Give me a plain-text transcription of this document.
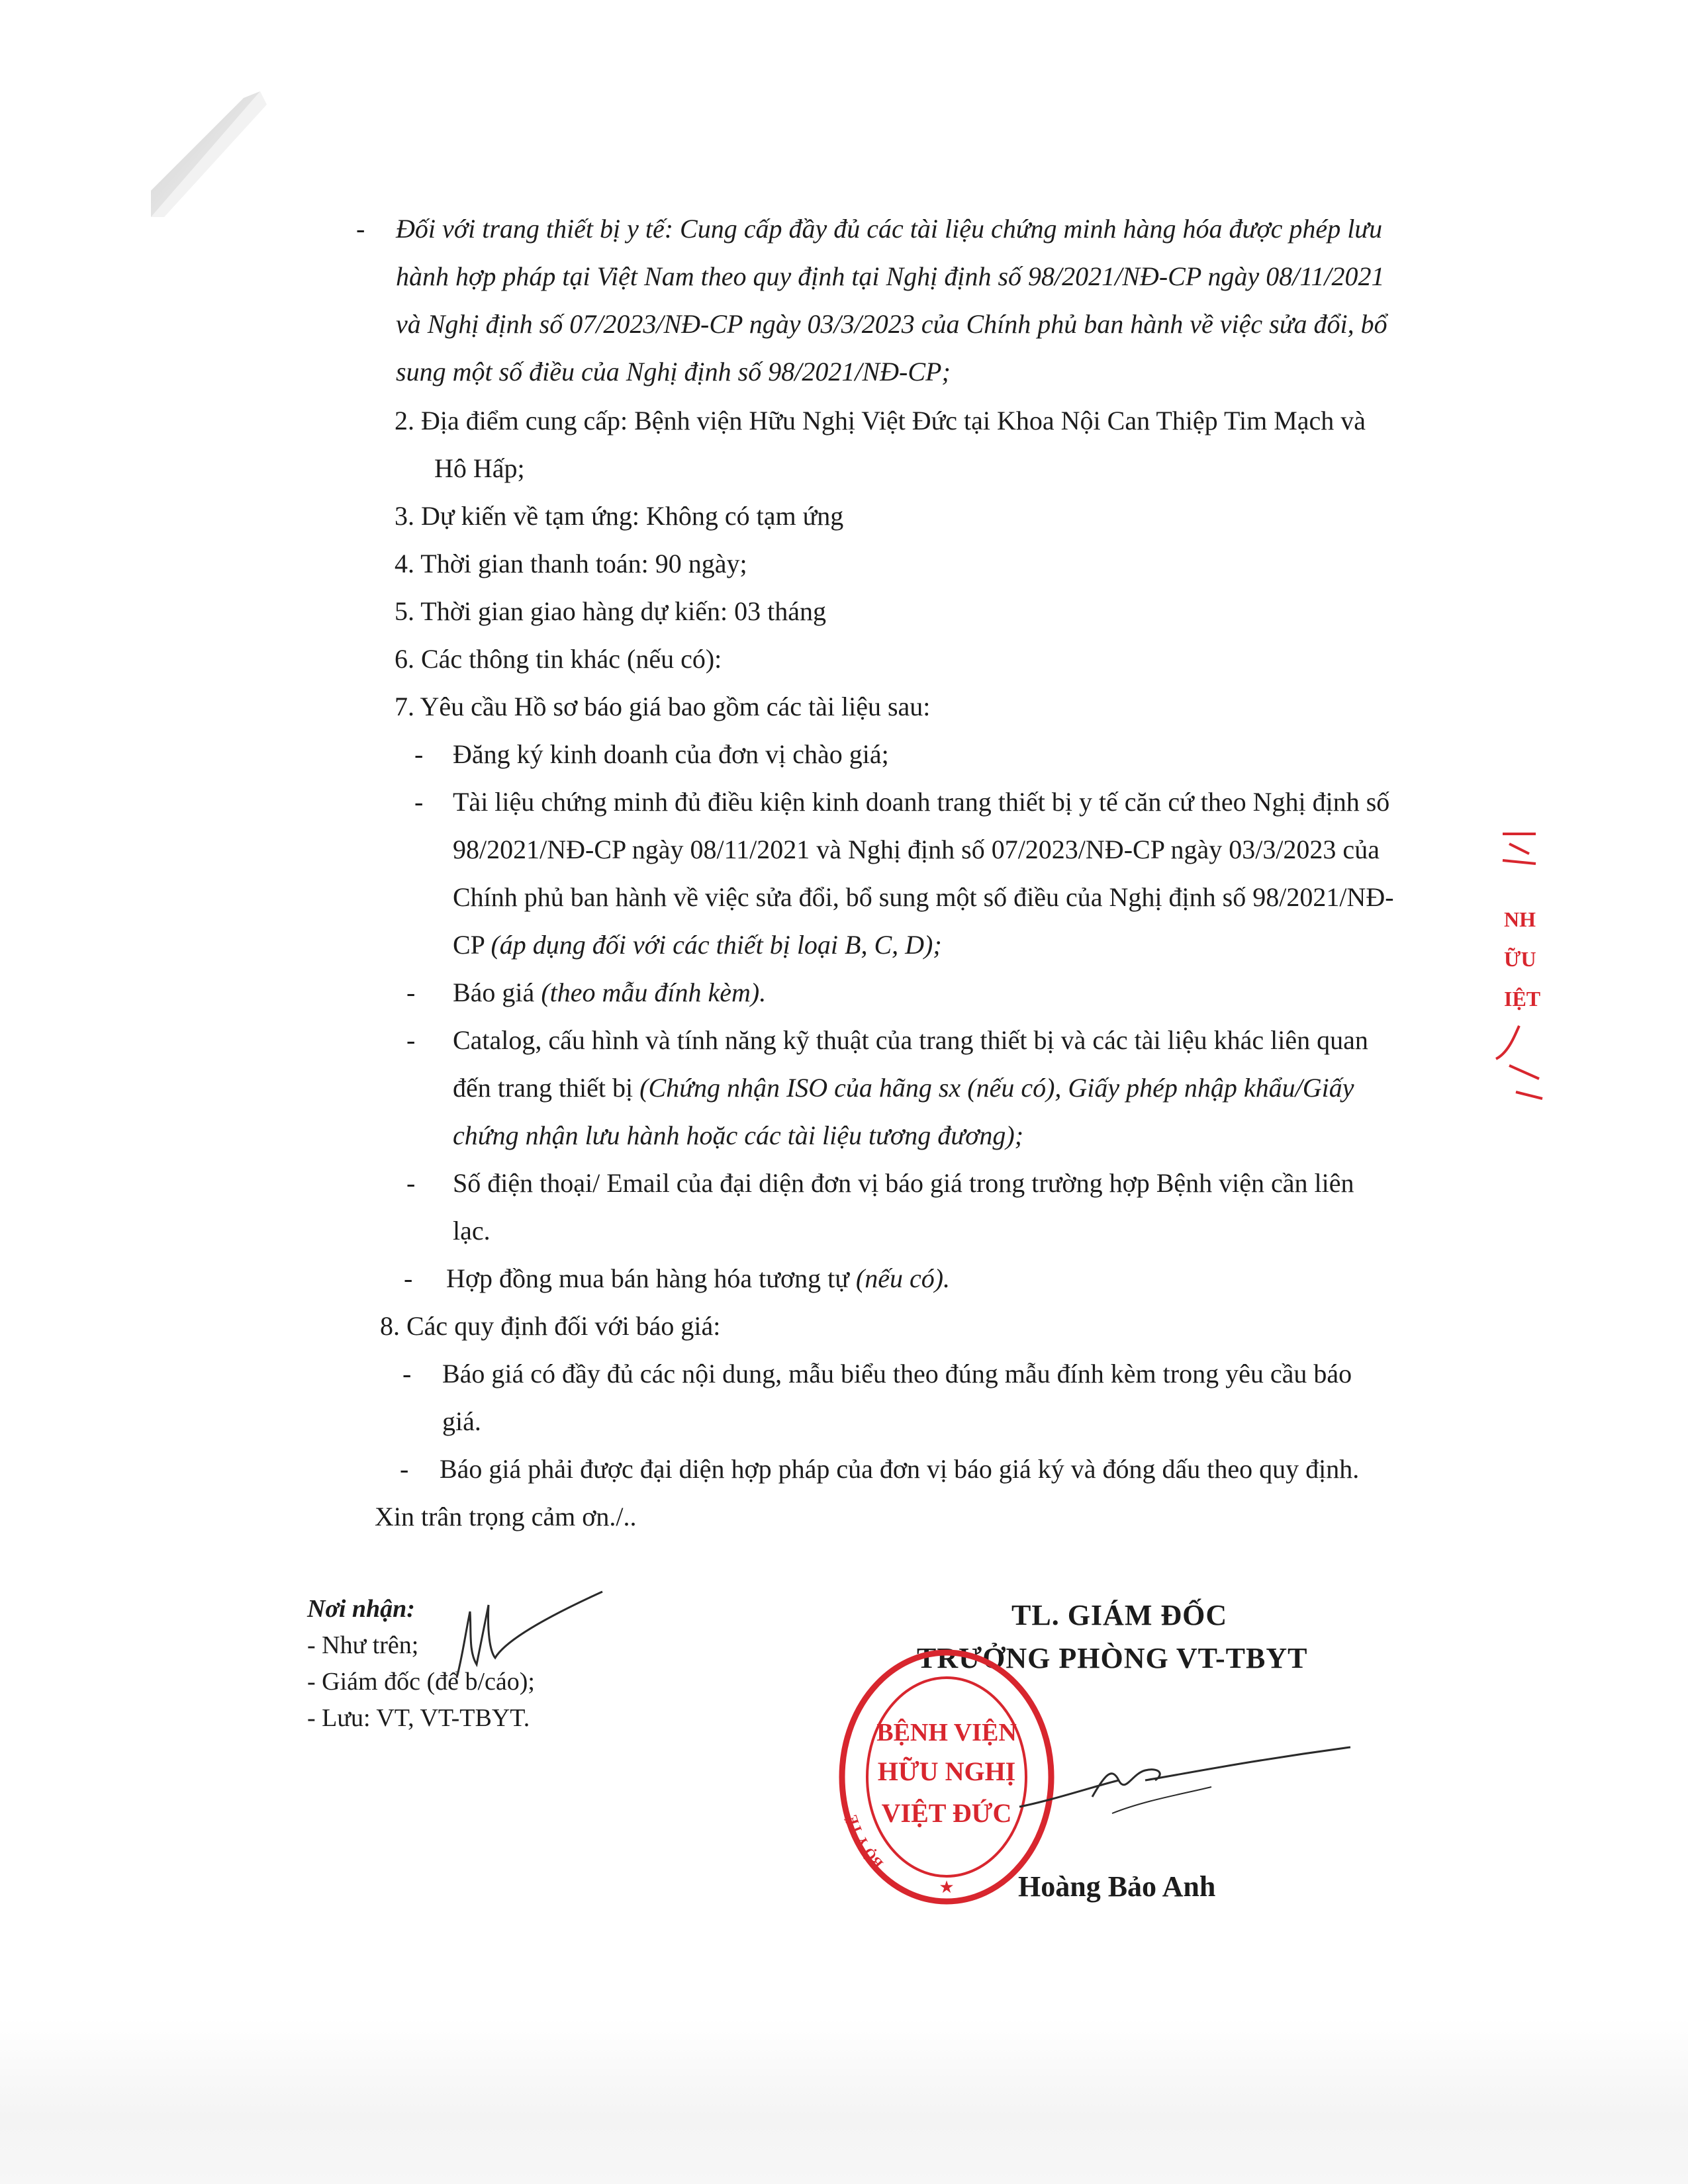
- Đối với trang thiết bị y tế: Cung cấp đầy đủ các tài liệu chứng minh hàng hóa được phép lưu
hành hợp pháp tại Việt Nam theo quy định tại Nghị định số 98/2021/NĐ-CP ngày 08/11/2021
và Nghị định số 07/2023/NĐ-CP ngày 03/3/2023 của Chính phủ ban hành về việc sửa đổi, bổ
sung một số điều của Nghị định số 98/2021/NĐ-CP;
2. Địa điểm cung cấp: Bệnh viện Hữu Nghị Việt Đức tại Khoa Nội Can Thiệp Tim Mạch và
Hô Hấp;
3. Dự kiến về tạm ứng: Không có tạm ứng
4. Thời gian thanh toán: 90 ngày;
5. Thời gian giao hàng dự kiến: 03 tháng
6. Các thông tin khác (nếu có):
7. Yêu cầu Hồ sơ báo giá bao gồm các tài liệu sau:
- Đăng ký kinh doanh của đơn vị chào giá;
- Tài liệu chứng minh đủ điều kiện kinh doanh trang thiết bị y tế căn cứ theo Nghị định số
98/2021/NĐ-CP ngày 08/11/2021 và Nghị định số 07/2023/NĐ-CP ngày 03/3/2023 của
Chính phủ ban hành về việc sửa đổi, bổ sung một số điều của Nghị định số 98/2021/NĐ-
CP (áp dụng đối với các thiết bị loại B, C, D);
- Báo giá (theo mẫu đính kèm).
- Catalog, cấu hình và tính năng kỹ thuật của trang thiết bị và các tài liệu khác liên quan
đến trang thiết bị (Chứng nhận ISO của hãng sx (nếu có), Giấy phép nhập khẩu/Giấy
chứng nhận lưu hành hoặc các tài liệu tương đương);
- Số điện thoại/ Email của đại diện đơn vị báo giá trong trường hợp Bệnh viện cần liên
lạc.
- Hợp đồng mua bán hàng hóa tương tự (nếu có).
8. Các quy định đối với báo giá:
- Báo giá có đầy đủ các nội dung, mẫu biểu theo đúng mẫu đính kèm trong yêu cầu báo
giá.
- Báo giá phải được đại diện hợp pháp của đơn vị báo giá ký và đóng dấu theo quy định.
Xin trân trọng cảm ơn./..
Nơi nhận:
- Như trên;
- Giám đốc (để b/cáo);
- Lưu: VT, VT-TBYT.
TL. GIÁM ĐỐC
TRƯỞNG PHÒNG VT-TBYT
BỆNH VIỆN
HỮU NGHỊ
VIỆT ĐỨC
BỘ Y TẾ
★ Hoàng Bảo Anh
NH
ỮU
IỆT
